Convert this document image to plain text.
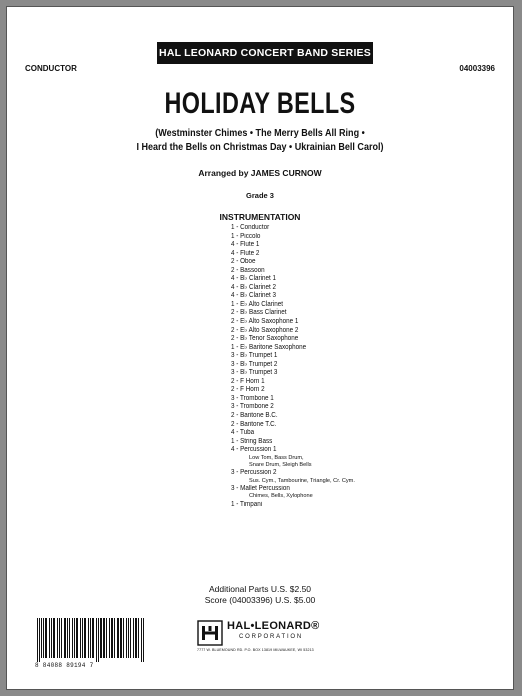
HAL LEONARD CONCERT BAND SERIES
CONDUCTOR	04003396
HOLIDAY BELLS
(Westminster Chimes • The Merry Bells All Ring •
I Heard the Bells on Christmas Day • Ukrainian Bell Carol)
Arranged by JAMES CURNOW
Grade 3
INSTRUMENTATION
1 - Conductor
1 - Piccolo
4 - Flute 1
4 - Flute 2
2 - Oboe
2 - Bassoon
4 - B♭ Clarinet 1
4 - B♭ Clarinet 2
4 - B♭ Clarinet 3
1 - E♭ Alto Clarinet
2 - B♭ Bass Clarinet
2 - E♭ Alto Saxophone 1
2 - E♭ Alto Saxophone 2
2 - B♭ Tenor Saxophone
1 - E♭ Baritone Saxophone
3 - B♭ Trumpet 1
3 - B♭ Trumpet 2
3 - B♭ Trumpet 3
2 - F Horn 1
2 - F Horn 2
3 - Trombone 1
3 - Trombone 2
2 - Baritone B.C.
2 - Baritone T.C.
4 - Tuba
1 - String Bass
4 - Percussion 1
Low Tom, Bass Drum,
Snare Drum, Sleigh Bells
3 - Percussion 2
Sus. Cym., Tambourine, Triangle, Cr. Cym.
3 - Mallet Percussion
Chimes, Bells, Xylophone
1 - Timpani
Additional Parts U.S. $2.50
Score (04003396) U.S. $5.00
8 84088 89194 7
HAL•LEONARD®
CORPORATION
7777 W. BLUEMOUND RD. P.O. BOX 13819 MILWAUKEE, WI 53213
